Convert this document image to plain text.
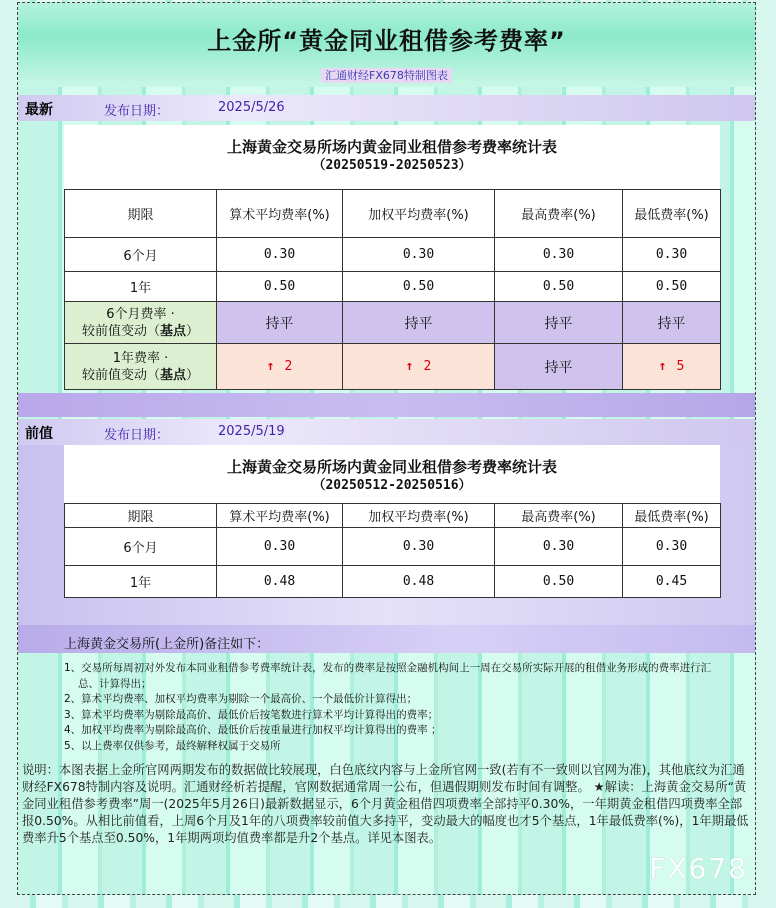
上金所“黄金同业租借参考费率”
汇通财经FX678特制图表
最新	发布日期：	2025/5/26
上海黄金交易所场内黄金同业租借参考费率统计表
（20250519-20250523）
期限	算术平均费率(%)	加权平均费率(%)	最高费率(%)	最低费率(%)
6个月	0.30	0.30	0.30	0.30
1年	0.50	0.50	0.50	0.50

6个月费率 ·
较前值变动（基点）	持平	持平	持平	持平

1年费率 ·
较前值变动（基点）	↑ 2	↑ 2	持平	↑ 5
前值	发布日期：	2025/5/19
上海黄金交易所场内黄金同业租借参考费率统计表
（20250512-20250516）
期限	算术平均费率(%)	加权平均费率(%)	最高费率(%)	最低费率(%)
6个月	0.30	0.30	0.30	0.30
1年	0.48	0.48	0.50	0.45
上海黄金交易所(上金所)备注如下：
1、交易所每周初对外发布本同业租借参考费率统计表，发布的费率是按照金融机构间上一周在交易所实际开展的租借业务形成的费率进行汇总、计算得出；
2、算术平均费率、加权平均费率为剔除一个最高价、一个最低价计算得出；
3、算术平均费率为剔除最高价、最低价后按笔数进行算术平均计算得出的费率；
4、加权平均费率为剔除最高价、最低价后按重量进行加权平均计算得出的费率 ；
5、以上费率仅供参考，最终解释权属于交易所
说明：本图表据上金所官网两期发布的数据做比较展现，白色底纹内容与上金所官网一致(若有不一致则以官网为准)，其他底纹为汇通财经FX678特制内容及说明。汇通财经析若提醒，官网数据通常周一公布，但遇假期则发布时间有调整。 ★解读：上海黄金交易所“黄金同业租借参考费率”周一(2025年5月26日)最新数据显示，6个月黄金租借四项费率全部持平0.30%，一年期黄金租借四项费率全部报0.50%。从相比前值看，上周6个月及1年的八项费率较前值大多持平，变动最大的幅度也才5个基点，1年最低费率(%)，1年期最低费率升5个基点至0.50%，1年期两项均值费率都是升2个基点。详见本图表。
FX678
